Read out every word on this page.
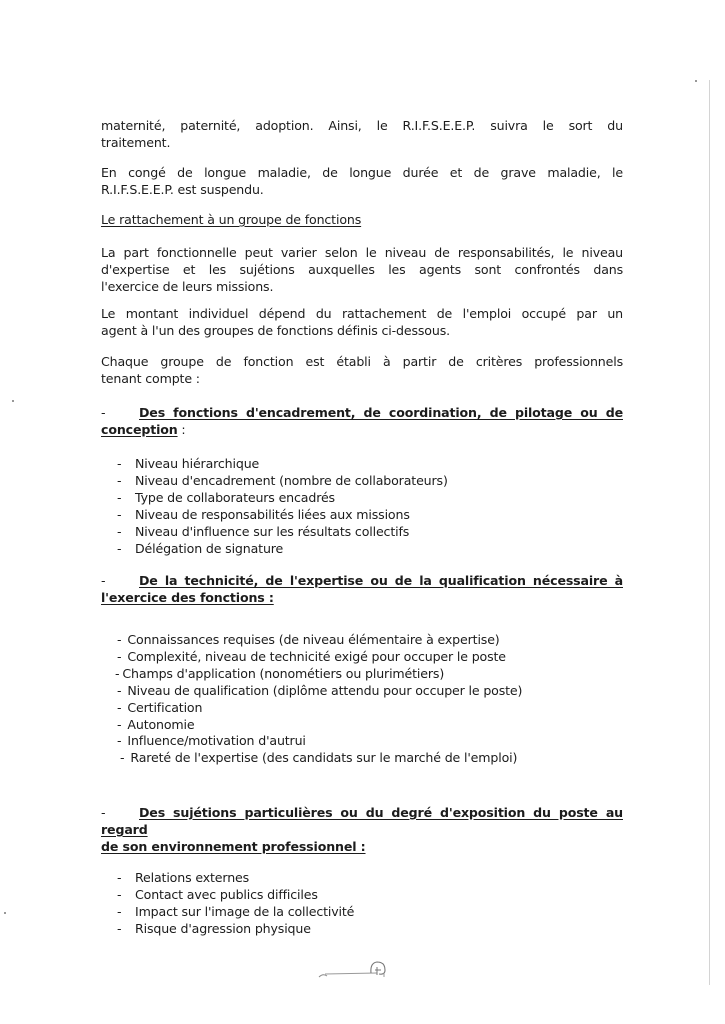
maternité, paternité, adoption. Ainsi, le R.I.F.S.E.E.P. suivra le sort du
traitement.
En congé de longue maladie, de longue durée et de grave maladie, le
R.I.F.S.E.E.P. est suspendu.
Le rattachement à un groupe de fonctions
La part fonctionnelle peut varier selon le niveau de responsabilités, le niveau
d'expertise et les sujétions auxquelles les agents sont confrontés dans
l'exercice de leurs missions.
Le montant individuel dépend du rattachement de l'emploi occupé par un
agent à l'un des groupes de fonctions définis ci-dessous.
Chaque groupe de fonction est établi à partir de critères professionnels
tenant compte :
-	Des fonctions d'encadrement, de coordination, de pilotage ou de
conception :
- Niveau hiérarchique
- Niveau d'encadrement (nombre de collaborateurs)
- Type de collaborateurs encadrés
- Niveau de responsabilités liées aux missions
- Niveau d'influence sur les résultats collectifs
- Délégation de signature
-	De la technicité, de l'expertise ou de la qualification nécessaire à
l'exercice des fonctions :
- Connaissances requises (de niveau élémentaire à expertise)
- Complexité, niveau de technicité exigé pour occuper le poste
- Champs d'application (nonométiers ou plurimétiers)
- Niveau de qualification (diplôme attendu pour occuper le poste)
- Certification
- Autonomie
- Influence/motivation d'autrui
- Rareté de l'expertise (des candidats sur le marché de l'emploi)
-	Des sujétions particulières ou du degré d'exposition du poste au regard
de son environnement professionnel :
- Relations externes
- Contact avec publics difficiles
- Impact sur l'image de la collectivité
- Risque d'agression physique
